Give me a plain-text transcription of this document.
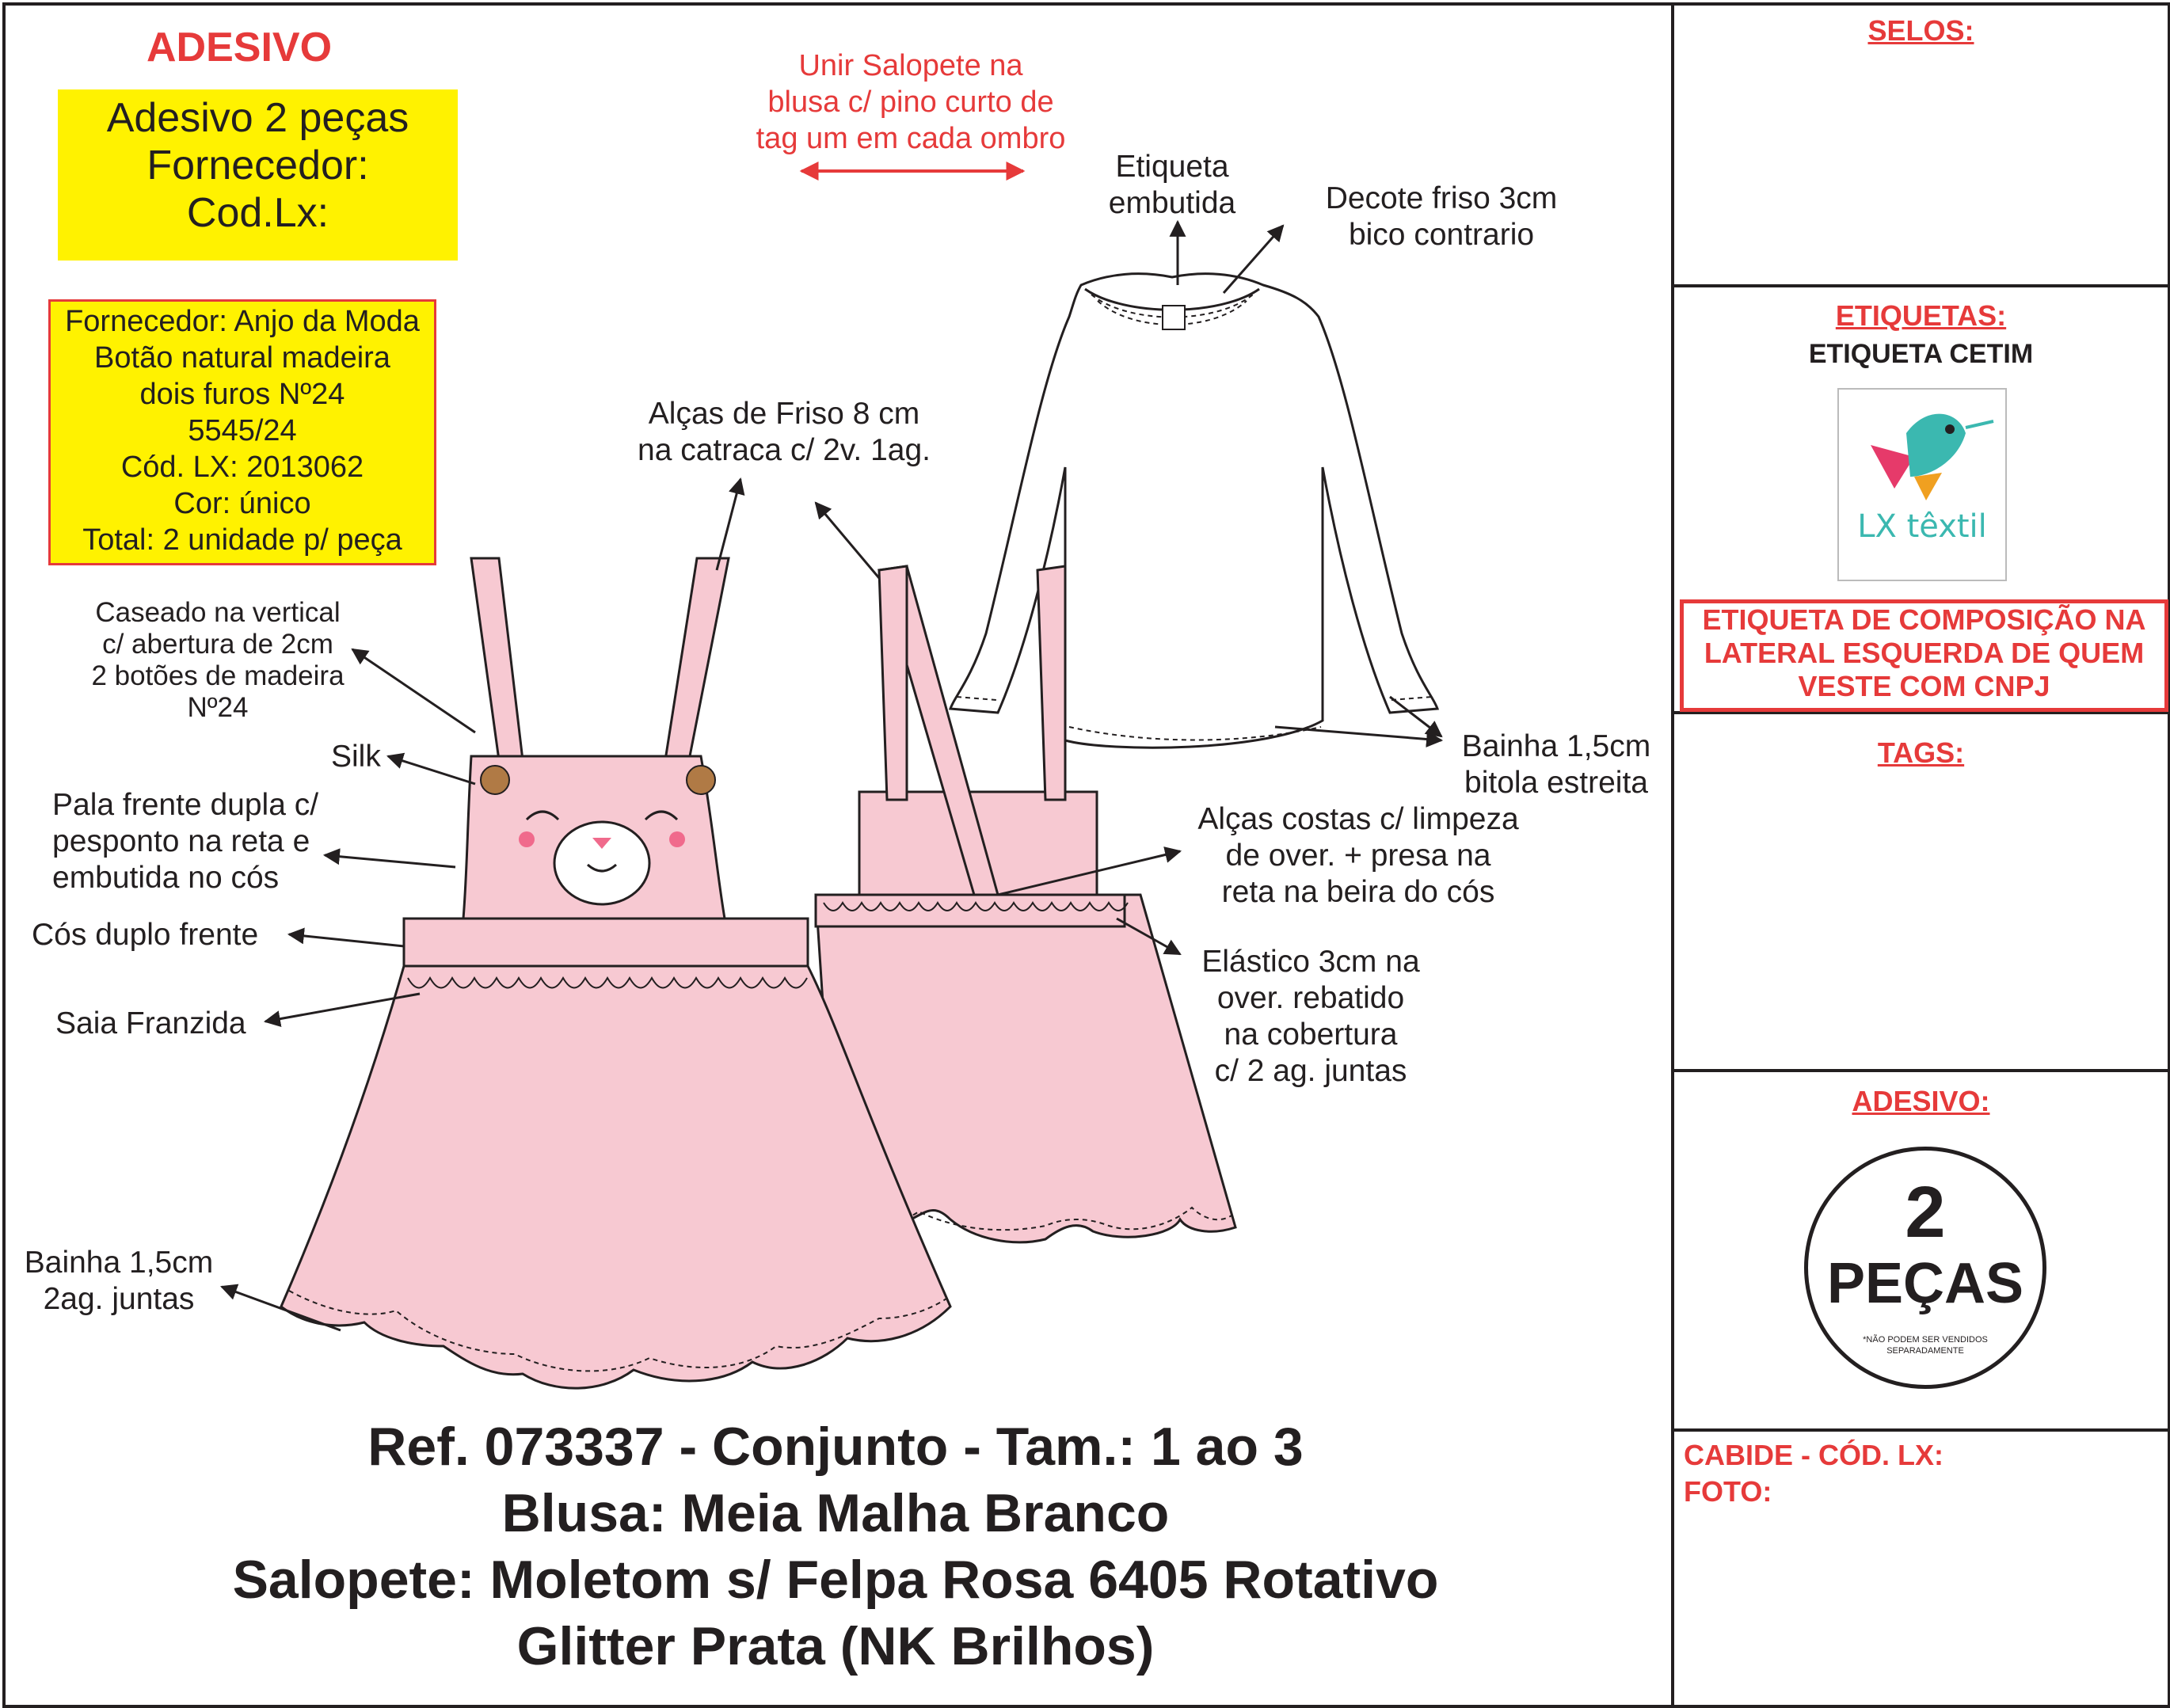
ADESIVO
Adesivo 2 peças
Fornecedor:
Cod.Lx:
Fornecedor: Anjo da Moda
Botão natural madeira
dois furos Nº24
5545/24
Cód. LX: 2013062
Cor: único
Total: 2 unidade p/ peça
Unir Salopete na
blusa c/ pino curto de
tag um em cada ombro
Etiqueta
embutida	Decote friso 3cm
bico contrario
Alças de Friso 8 cm
na catraca c/ 2v. 1ag.
Caseado na vertical
c/ abertura de 2cm
2 botões de madeira
Nº24
Silk
Pala frente dupla c/
pesponto na reta e
embutida no cós
Cós duplo frente
Saia Franzida
Bainha 1,5cm
2ag. juntas
Bainha 1,5cm
bitola estreita
Alças costas c/ limpeza
de over. + presa na
reta na beira do cós
Elástico 3cm na
over. rebatido
na cobertura
c/ 2 ag. juntas
Ref. 073337 - Conjunto - Tam.: 1 ao 3
Blusa: Meia Malha Branco
Salopete: Moletom s/ Felpa Rosa 6405 Rotativo
Glitter Prata (NK Brilhos)
SELOS:
ETIQUETAS:
ETIQUETA CETIM
LX têxtil
ETIQUETA DE COMPOSIÇÃO NA
LATERAL ESQUERDA DE QUEM
VESTE COM CNPJ
TAGS:
ADESIVO:
2
PEÇAS
*NÃO PODEM SER VENDIDOS SEPARADAMENTE
CABIDE - CÓD. LX:
FOTO:
